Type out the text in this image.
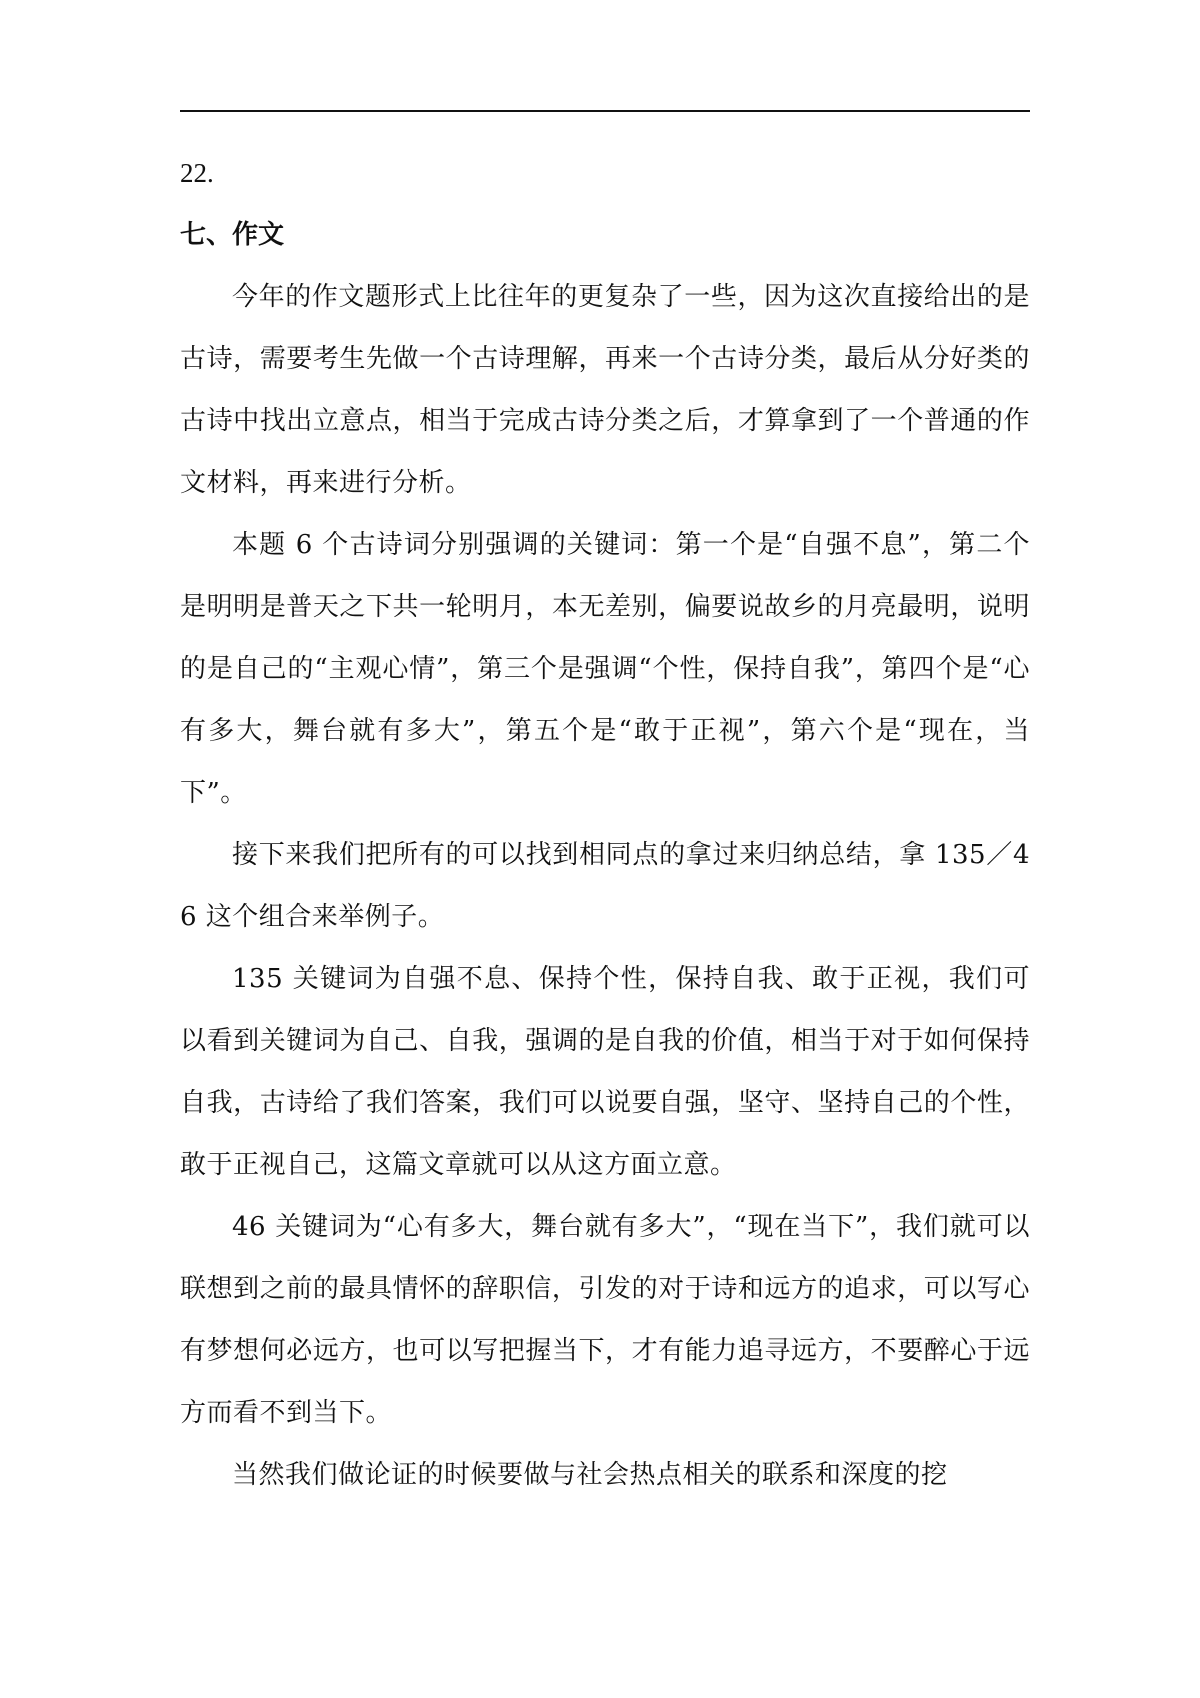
22.
七、作文

今年的作文题形式上比往年的更复杂了一些，因为这次直接给出的是古诗，需要考生先做一个古诗理解，再来一个古诗分类，最后从分好类的古诗中找出立意点，相当于完成古诗分类之后，才算拿到了一个普通的作文材料，再来进行分析。

本题 6 个古诗词分别强调的关键词：第一个是“自强不息”，第二个是明明是普天之下共一轮明月，本无差别，偏要说故乡的月亮最明，说明的是自己的“主观心情”，第三个是强调“个性，保持自我”，第四个是“心有多大，舞台就有多大”，第五个是“敢于正视”，第六个是“现在，当下”。

接下来我们把所有的可以找到相同点的拿过来归纳总结，拿 135／46 这个组合来举例子。

135 关键词为自强不息、保持个性，保持自我、敢于正视，我们可以看到关键词为自己、自我，强调的是自我的价值，相当于对于如何保持自我，古诗给了我们答案，我们可以说要自强，坚守、坚持自己的个性，敢于正视自己，这篇文章就可以从这方面立意。

46 关键词为“心有多大，舞台就有多大”，“现在当下”，我们就可以联想到之前的最具情怀的辞职信，引发的对于诗和远方的追求，可以写心有梦想何必远方，也可以写把握当下，才有能力追寻远方，不要醉心于远方而看不到当下。

当然我们做论证的时候要做与社会热点相关的联系和深度的挖
